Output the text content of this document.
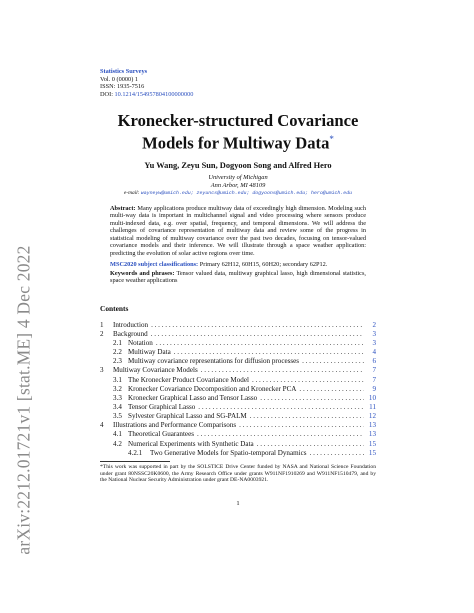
arXiv:2212.01721v1 [stat.ME] 4 Dec 2022
Statistics Surveys
Vol. 0 (0000) 1
ISSN: 1935-7516
DOI: 10.1214/154957804100000000
Kronecker-structured Covariance
Models for Multiway Data*
Yu Wang, Zeyu Sun, Dogyoon Song and Alfred Hero
University of Michigan
Ann Arbor, MI 48109
e-mail: wayneyw@umich.edu; zeyuncs@umich.edu; dogyoons@umich.edu; hero@umich.edu
Abstract: Many applications produce multiway data of exceedingly high dimension. Modeling such multi-way data is important in multichannel signal and video processing where sensors produce multi-indexed data, e.g. over spatial, frequency, and temporal dimensions. We will address the challenges of covariance representation of multiway data and review some of the progress in statistical modeling of multiway covariance over the past two decades, focusing on tensor-valued covariance models and their inference. We will illustrate through a space weather application: predicting the evolution of solar active regions over time.
MSC2020 subject classifications: Primary 62H12, 60H15, 60H20; secondary 62P12.
Keywords and phrases: Tensor valued data, multiway graphical lasso, high dimensional statistics, space weather applications
Contents
1	Introduction . . .	2
2	Background . . .	3
2.1 Notation . . .	3
2.2 Multiway Data . . .	4
2.3 Multiway covariance representations for diffusion processes . . .	6
3	Multiway Covariance Models . . .	7
3.1 The Kronecker Product Covariance Model . . .	7
3.2 Kronecker Covariance Decomposition and Kronecker PCA . . .	9
3.3 Kronecker Graphical Lasso and Tensor Lasso . . .	10
3.4 Tensor Graphical Lasso . . .	11
3.5 Sylvester Graphical Lasso and SG-PALM . . .	12
4	Illustrations and Performance Comparisons . . .	13
4.1 Theoretical Guarantees . . .	13
4.2 Numerical Experiments with Synthetic Data . . .	15
4.2.1	Two Generative Models for Spatio-temporal Dynamics . . .	15
*This work was supported in part by the SOLSTICE Drive Center funded by NASA and National Science Foundation under grant 80NSSC20K0600, the Army Research Office under grants W911NF1910269 and W911NF1510479, and by the National Nuclear Security Administration under grant DE-NA0003921.
1
